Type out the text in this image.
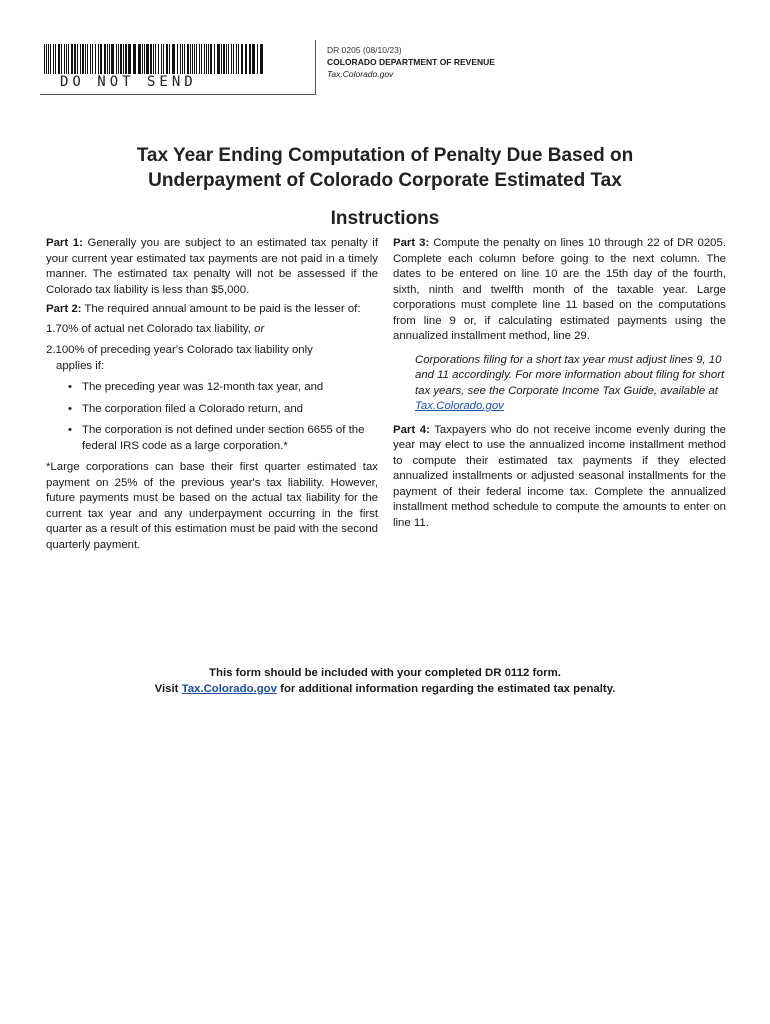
DO NOT SEND
DR 0205 (08/10/23)
COLORADO DEPARTMENT OF REVENUE
Tax.Colorado.gov
Tax Year Ending Computation of Penalty Due Based on
Underpayment of Colorado Corporate Estimated Tax
Instructions

Part 1: Generally you are subject to an estimated tax penalty if your current year estimated tax payments are not paid in a timely manner. The estimated tax penalty will not be assessed if the Colorado tax liability is less than $5,000.

Part 2: The required annual amount to be paid is the lesser of:

1.70% of actual net Colorado tax liability, or
2.100% of preceding year's Colorado tax liability only
applies if:
• The preceding year was 12-month tax year, and
• The corporation filed a Colorado return, and
• The corporation is not defined under section 6655 of the federal IRS code as a large corporation.*

*Large corporations can base their first quarter estimated tax payment on 25% of the previous year's tax liability. However, future payments must be based on the actual tax liability for the current tax year and any underpayment occurring in the first quarter as a result of this estimation must be paid with the second quarterly payment.

Part 3: Compute the penalty on lines 10 through 22 of DR 0205. Complete each column before going to the next column. The dates to be entered on line 10 are the 15th day of the fourth, sixth, ninth and twelfth month of the taxable year. Large corporations must complete line 11 based on the computations from line 9 or, if calculating estimated payments using the annualized installment method, line 29.

Corporations filing for a short tax year must adjust lines 9, 10 and 11 accordingly. For more information about filing for short tax years, see the Corporate Income Tax Guide, available at Tax.Colorado.gov

Part 4: Taxpayers who do not receive income evenly during the year may elect to use the annualized income installment method to compute their estimated tax payments if they elected annualized installments or adjusted seasonal installments for the payment of their federal income tax. Complete the annualized installment method schedule to compute the amounts to enter on line 11.

This form should be included with your completed DR 0112 form.
Visit Tax.Colorado.gov for additional information regarding the estimated tax penalty.
